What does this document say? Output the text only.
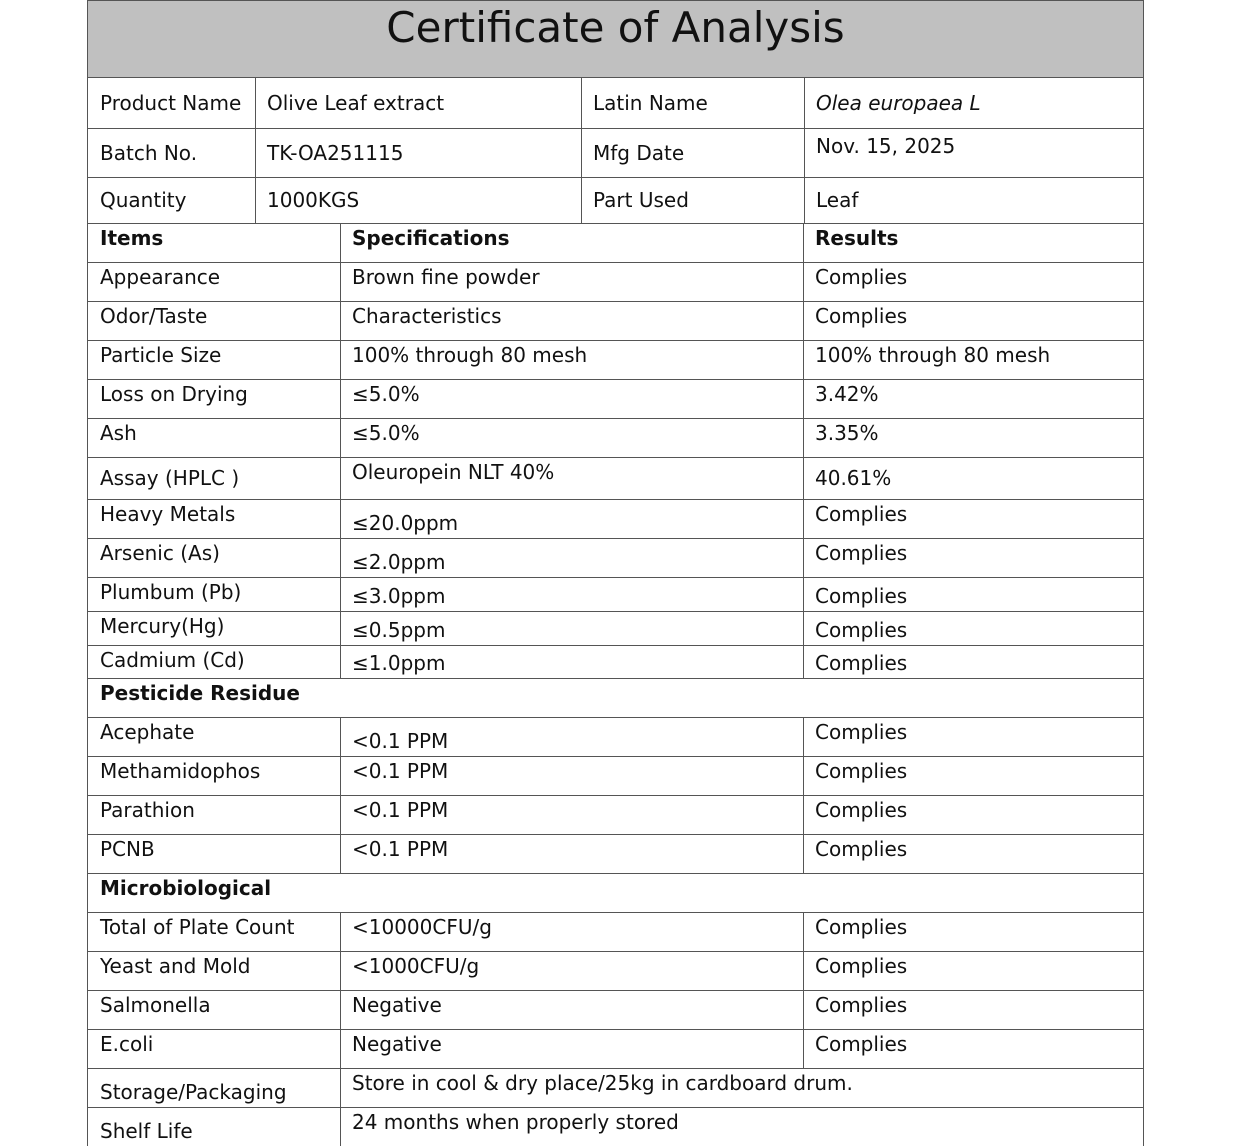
Certificate of Analysis
Product Name	Olive Leaf extract	Latin Name	Olea europaea L
Batch No.	TK-OA251115	Mfg Date	Nov. 15, 2025
Quantity	1000KGS	Part Used	Leaf
Items	Specifications	Results
Appearance	Brown fine powder	Complies
Odor/Taste	Characteristics	Complies
Particle Size	100% through 80 mesh	100% through 80 mesh
Loss on Drying	≤5.0%	3.42%
Ash	≤5.0%	3.35%
Assay (HPLC )	Oleuropein NLT 40%	40.61%
Heavy Metals	≤20.0ppm	Complies
Arsenic (As)	≤2.0ppm	Complies
Plumbum (Pb)	≤3.0ppm	Complies
Mercury(Hg)	≤0.5ppm	Complies
Cadmium (Cd)	≤1.0ppm	Complies
Pesticide Residue
Acephate	<0.1 PPM	Complies
Methamidophos	<0.1 PPM	Complies
Parathion	<0.1 PPM	Complies
PCNB	<0.1 PPM	Complies
Microbiological
Total of Plate Count	<10000CFU/g	Complies
Yeast and Mold	<1000CFU/g	Complies
Salmonella	Negative	Complies
E.coli	Negative	Complies
Storage/Packaging	Store in cool & dry place/25kg in cardboard drum.
Shelf Life	24 months when properly stored
